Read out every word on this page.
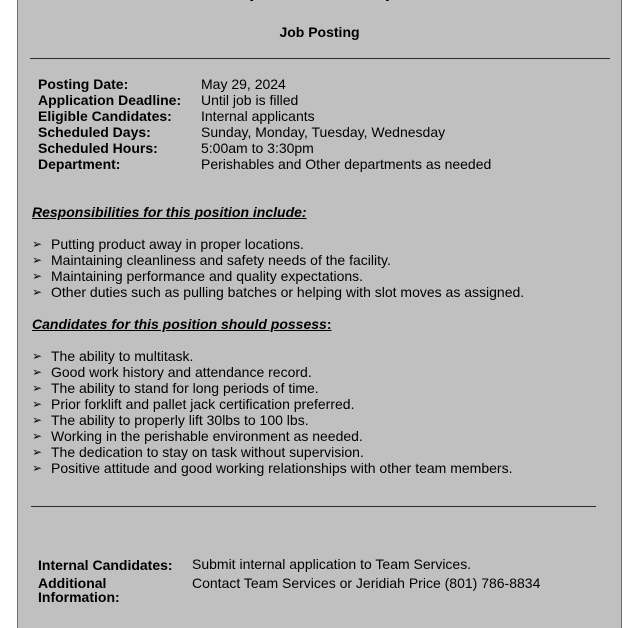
Job Posting
Posting Date:	May 29, 2024
Application Deadline: Until job is filled
Eligible Candidates: Internal applicants
Scheduled Days:	Sunday, Monday, Tuesday, Wednesday
Scheduled Hours:	5:00am to 3:30pm
Department:	Perishables and Other departments as needed
Responsibilities for this position include:
➢ Putting product away in proper locations.
➢ Maintaining cleanliness and safety needs of the facility.
➢ Maintaining performance and quality expectations.
➢ Other duties such as pulling batches or helping with slot moves as assigned.
Candidates for this position should possess:
➢ The ability to multitask.
➢ Good work history and attendance record.
➢ The ability to stand for long periods of time.
➢ Prior forklift and pallet jack certification preferred.
➢ The ability to properly lift 30lbs to 100 lbs.
➢ Working in the perishable environment as needed.
➢ The dedication to stay on task without supervision.
➢ Positive attitude and good working relationships with other team members.
Internal Candidates:	Submit internal application to Team Services.
Additional Information:
Contact Team Services or Jeridiah Price (801) 786-8834
